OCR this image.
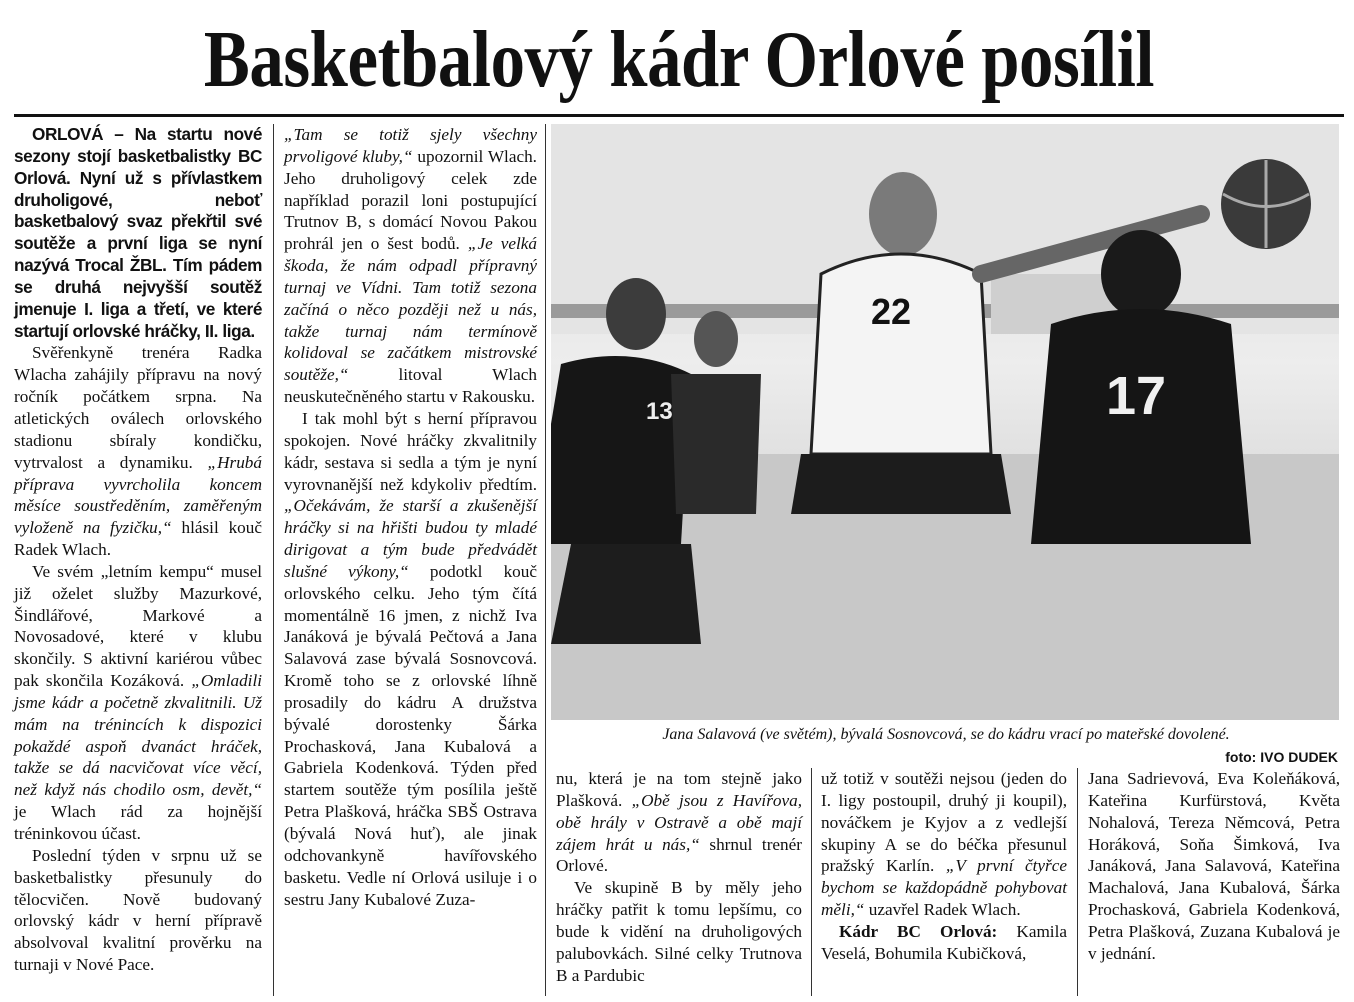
Basketbalový kádr Orlové posílil

ORLOVÁ – Na startu nové sezony stojí basketbalistky BC Orlová. Nyní už s přívlastkem druholigové, neboť basketbalový svaz překřtil své soutěže a první liga se nyní nazývá Trocal ŽBL. Tím pádem se druhá nejvyšší soutěž jmenuje I. liga a třetí, ve které startují orlovské hráčky, II. liga.

Svěřenkyně trenéra Radka Wlacha zahájily přípravu na nový ročník počátkem srpna. Na atletických oválech orlovského stadionu sbíraly kondičku, vytrvalost a dynamiku. „Hrubá příprava vyvrcholila koncem měsíce soustředěním, zaměřeným vyloženě na fyzičku,“ hlásil kouč Radek Wlach.

Ve svém „letním kempu“ musel již oželet služby Mazurkové, Šindlářové, Markové a Novosadové, které v klubu skončily. S aktivní kariérou vůbec pak skončila Kozáková. „Omladili jsme kádr a početně zkvalitnili. Už mám na trénincích k dispozici pokaždé aspoň dvanáct hráček, takže se dá nacvičovat více věcí, než když nás chodilo osm, devět,“ je Wlach rád za hojnější tréninkovou účast.

Poslední týden v srpnu už se basketbalistky přesunuly do tělocvičen. Nově budovaný orlovský kádr v herní přípravě absolvoval kvalitní prověrku na turnaji v Nové Pace.

„Tam se totiž sjely všechny prvoligové kluby,“ upozornil Wlach. Jeho druholigový celek zde například porazil loni postupující Trutnov B, s domácí Novou Pakou prohrál jen o šest bodů. „Je velká škoda, že nám odpadl přípravný turnaj ve Vídni. Tam totiž sezona začíná o něco později než u nás, takže turnaj nám termínově kolidoval se začátkem mistrovské soutěže,“ litoval Wlach neuskutečněného startu v Rakousku.

I tak mohl být s herní přípravou spokojen. Nové hráčky zkvalitnily kádr, sestava si sedla a tým je nyní vyrovnanější než kdykoliv předtím. „Očekávám, že starší a zkušenější hráčky si na hřišti budou ty mladé dirigovat a tým bude předvádět slušné výkony,“ podotkl kouč orlovského celku. Jeho tým čítá momentálně 16 jmen, z nichž Iva Janáková je bývalá Pečtová a Jana Salavová zase bývalá Sosnovcová. Kromě toho se z orlovské líhně prosadily do kádru A družstva bývalé dorostenky Šárka Prochasková, Jana Kubalová a Gabriela Kodenková. Týden před startem soutěže tým posílila ještě Petra Plašková, hráčka SBŠ Ostrava (bývalá Nová huť), ale jinak odchovankyně havířovského basketu. Vedle ní Orlová usiluje i o sestru Jany Kubalové Zuza-

22
17
13
Jana Salavová (ve světém), bývalá Sosnovcová, se do kádru vrací po mateřské dovolené.
foto: IVO DUDEK

nu, která je na tom stejně jako Plašková. „Obě jsou z Havířova, obě hrály v Ostravě a obě mají zájem hrát u nás,“ shrnul trenér Orlové.

Ve skupině B by měly jeho hráčky patřit k tomu lepšímu, co bude k vidění na druholigových palubovkách. Silné celky Trutnova B a Pardubic

už totiž v soutěži nejsou (jeden do I. ligy postoupil, druhý ji koupil), nováčkem je Kyjov a z vedlejší skupiny A se do béčka přesunul pražský Karlín. „V první čtyřce bychom se každopádně pohybovat měli,“ uzavřel Radek Wlach.

Kádr BC Orlová: Kamila Veselá, Bohumila Kubičková,

Jana Sadrievová, Eva Koleňáková, Kateřina Kurfürstová, Květa Nohalová, Tereza Němcová, Petra Horáková, Soňa Šimková, Iva Janáková, Jana Salavová, Kateřina Machalová, Jana Kubalová, Šárka Prochasková, Gabriela Kodenková, Petra Plašková, Zuzana Kubalová je v jednání.
